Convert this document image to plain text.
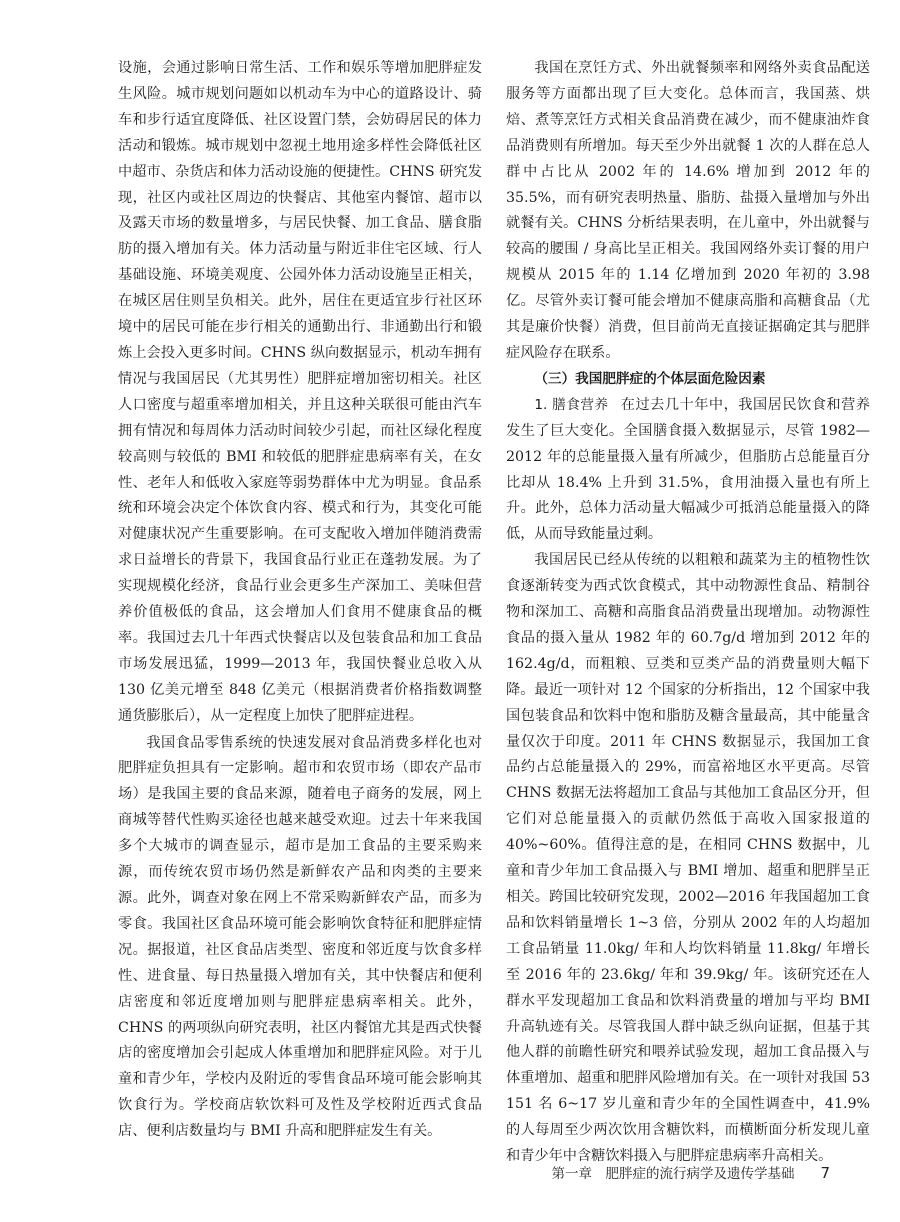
设施，会通过影响日常生活、工作和娱乐等增加肥胖症发生风险。城市规划问题如以机动车为中心的道路设计、骑车和步行适宜度降低、社区设置门禁，会妨碍居民的体力活动和锻炼。城市规划中忽视土地用途多样性会降低社区中超市、杂货店和体力活动设施的便捷性。CHNS 研究发现，社区内或社区周边的快餐店、其他室内餐馆、超市以及露天市场的数量增多，与居民快餐、加工食品、膳食脂肪的摄入增加有关。体力活动量与附近非住宅区域、行人基础设施、环境美观度、公园外体力活动设施呈正相关，在城区居住则呈负相关。此外，居住在更适宜步行社区环境中的居民可能在步行相关的通勤出行、非通勤出行和锻炼上会投入更多时间。CHNS 纵向数据显示，机动车拥有情况与我国居民（尤其男性）肥胖症增加密切相关。社区人口密度与超重率增加相关，并且这种关联很可能由汽车拥有情况和每周体力活动时间较少引起，而社区绿化程度较高则与较低的 BMI 和较低的肥胖症患病率有关，在女性、老年人和低收入家庭等弱势群体中尤为明显。食品系统和环境会决定个体饮食内容、模式和行为，其变化可能对健康状况产生重要影响。在可支配收入增加伴随消费需求日益增长的背景下，我国食品行业正在蓬勃发展。为了实现规模化经济，食品行业会更多生产深加工、美味但营养价值极低的食品，这会增加人们食用不健康食品的概率。我国过去几十年西式快餐店以及包装食品和加工食品市场发展迅猛，1999—2013 年，我国快餐业总收入从 130 亿美元增至 848 亿美元（根据消费者价格指数调整通货膨胀后），从一定程度上加快了肥胖症进程。

我国食品零售系统的快速发展对食品消费多样化也对肥胖症负担具有一定影响。超市和农贸市场（即农产品市场）是我国主要的食品来源，随着电子商务的发展，网上商城等替代性购买途径也越来越受欢迎。过去十年来我国多个大城市的调查显示，超市是加工食品的主要采购来源，而传统农贸市场仍然是新鲜农产品和肉类的主要来源。此外，调查对象在网上不常采购新鲜农产品，而多为零食。我国社区食品环境可能会影响饮食特征和肥胖症情况。据报道，社区食品店类型、密度和邻近度与饮食多样性、进食量、每日热量摄入增加有关，其中快餐店和便利店密度和邻近度增加则与肥胖症患病率相关。此外，CHNS 的两项纵向研究表明，社区内餐馆尤其是西式快餐店的密度增加会引起成人体重增加和肥胖症风险。对于儿童和青少年，学校内及附近的零售食品环境可能会影响其饮食行为。学校商店软饮料可及性及学校附近西式食品店、便利店数量均与 BMI 升高和肥胖症发生有关。

我国在烹饪方式、外出就餐频率和网络外卖食品配送服务等方面都出现了巨大变化。总体而言，我国蒸、烘焙、煮等烹饪方式相关食品消费在减少，而不健康油炸食品消费则有所增加。每天至少外出就餐 1 次的人群在总人群中占比从 2002 年的 14.6% 增加到 2012 年的 35.5%，而有研究表明热量、脂肪、盐摄入量增加与外出就餐有关。CHNS 分析结果表明，在儿童中，外出就餐与较高的腰围 / 身高比呈正相关。我国网络外卖订餐的用户规模从 2015 年的 1.14 亿增加到 2020 年初的 3.98 亿。尽管外卖订餐可能会增加不健康高脂和高糖食品（尤其是廉价快餐）消费，但目前尚无直接证据确定其与肥胖症风险存在联系。

（三）我国肥胖症的个体层面危险因素

1. 膳食营养 在过去几十年中，我国居民饮食和营养发生了巨大变化。全国膳食摄入数据显示，尽管 1982—2012 年的总能量摄入量有所减少，但脂肪占总能量百分比却从 18.4% 上升到 31.5%，食用油摄入量也有所上升。此外，总体力活动量大幅减少可抵消总能量摄入的降低，从而导致能量过剩。

我国居民已经从传统的以粗粮和蔬菜为主的植物性饮食逐渐转变为西式饮食模式，其中动物源性食品、精制谷物和深加工、高糖和高脂食品消费量出现增加。动物源性食品的摄入量从 1982 年的 60.7g/d 增加到 2012 年的 162.4g/d，而粗粮、豆类和豆类产品的消费量则大幅下降。最近一项针对 12 个国家的分析指出，12 个国家中我国包装食品和饮料中饱和脂肪及糖含量最高，其中能量含量仅次于印度。2011 年 CHNS 数据显示，我国加工食品约占总能量摄入的 29%，而富裕地区水平更高。尽管 CHNS 数据无法将超加工食品与其他加工食品区分开，但它们对总能量摄入的贡献仍然低于高收入国家报道的 40%~60%。值得注意的是，在相同 CHNS 数据中，儿童和青少年加工食品摄入与 BMI 增加、超重和肥胖呈正相关。跨国比较研究发现，2002—2016 年我国超加工食品和饮料销量增长 1~3 倍，分别从 2002 年的人均超加工食品销量 11.0kg/ 年和人均饮料销量 11.8kg/ 年增长至 2016 年的 23.6kg/ 年和 39.9kg/ 年。该研究还在人群水平发现超加工食品和饮料消费量的增加与平均 BMI 升高轨迹有关。尽管我国人群中缺乏纵向证据，但基于其他人群的前瞻性研究和喂养试验发现，超加工食品摄入与体重增加、超重和肥胖风险增加有关。在一项针对我国 53 151 名 6~17 岁儿童和青少年的全国性调查中，41.9% 的人每周至少两次饮用含糖饮料，而横断面分析发现儿童和青少年中含糖饮料摄入与肥胖症患病率升高相关。

第一章　肥胖症的流行病学及遗传学基础 7
